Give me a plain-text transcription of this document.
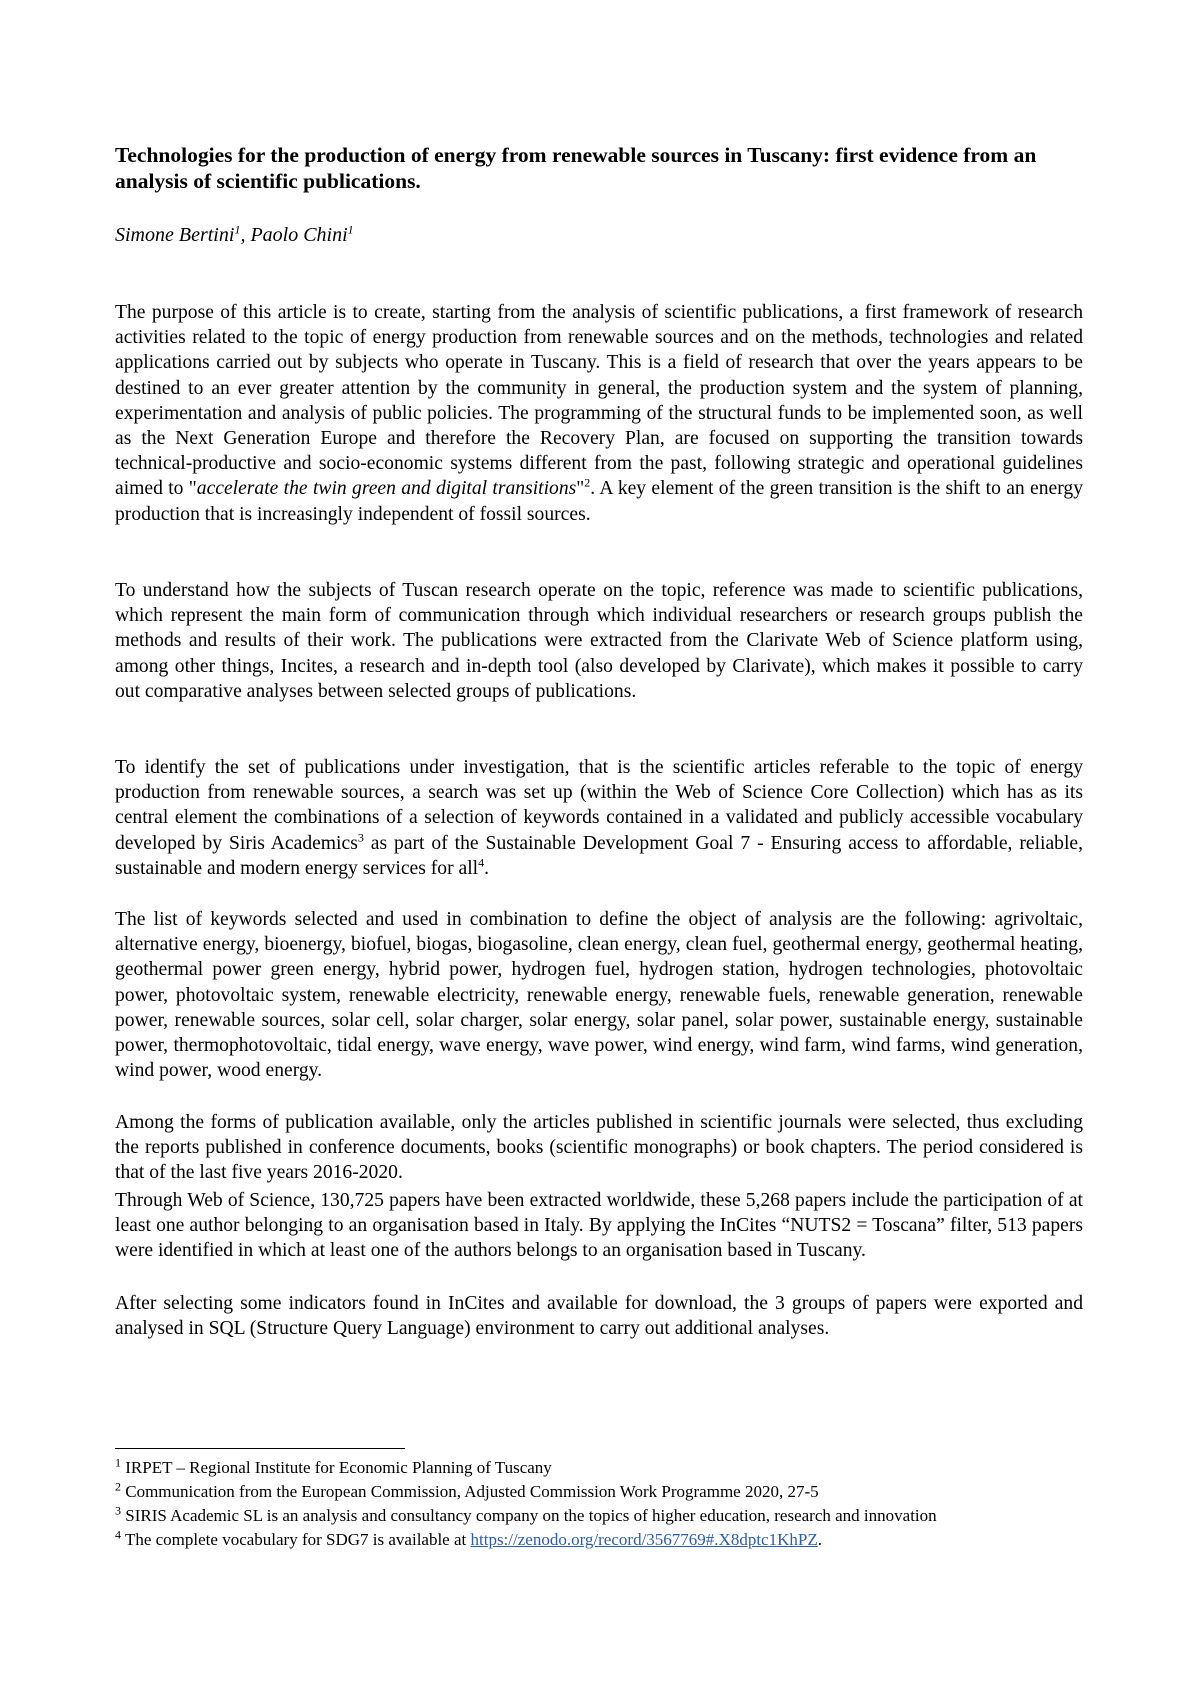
Technologies for the production of energy from renewable sources in Tuscany: first evidence from an analysis of scientific publications.

Simone Bertini$^1$, Paolo Chini$^1$

The purpose of this article is to create, starting from the analysis of scientific publications, a first framework of research activities related to the topic of energy production from renewable sources and on the methods, technologies and related applications carried out by subjects who operate in Tuscany. This is a field of research that over the years appears to be destined to an ever greater attention by the community in general, the production system and the system of planning, experimentation and analysis of public policies. The programming of the structural funds to be implemented soon, as well as the Next Generation Europe and therefore the Recovery Plan, are focused on supporting the transition towards technical-productive and socio-economic systems different from the past, following strategic and operational guidelines aimed to "accelerate the twin green and digital transitions"$^2$. A key element of the green transition is the shift to an energy production that is increasingly independent of fossil sources.

To understand how the subjects of Tuscan research operate on the topic, reference was made to scientific publications, which represent the main form of communication through which individual researchers or research groups publish the methods and results of their work. The publications were extracted from the Clarivate Web of Science platform using, among other things, Incites, a research and in-depth tool (also developed by Clarivate), which makes it possible to carry out comparative analyses between selected groups of publications.

To identify the set of publications under investigation, that is the scientific articles referable to the topic of energy production from renewable sources, a search was set up (within the Web of Science Core Collection) which has as its central element the combinations of a selection of keywords contained in a validated and publicly accessible vocabulary developed by Siris Academics$^3$ as part of the Sustainable Development Goal 7 - Ensuring access to affordable, reliable, sustainable and modern energy services for all$^4$.

The list of keywords selected and used in combination to define the object of analysis are the following: agrivoltaic, alternative energy, bioenergy, biofuel, biogas, biogasoline, clean energy, clean fuel, geothermal energy, geothermal heating, geothermal power green energy, hybrid power, hydrogen fuel, hydrogen station, hydrogen technologies, photovoltaic power, photovoltaic system, renewable electricity, renewable energy, renewable fuels, renewable generation, renewable power, renewable sources, solar cell, solar charger, solar energy, solar panel, solar power, sustainable energy, sustainable power, thermophotovoltaic, tidal energy, wave energy, wave power, wind energy, wind farm, wind farms, wind generation, wind power, wood energy.

Among the forms of publication available, only the articles published in scientific journals were selected, thus excluding the reports published in conference documents, books (scientific monographs) or book chapters. The period considered is that of the last five years 2016-2020.

Through Web of Science, 130,725 papers have been extracted worldwide, these 5,268 papers include the participation of at least one author belonging to an organisation based in Italy. By applying the InCites “NUTS2 = Toscana” filter, 513 papers were identified in which at least one of the authors belongs to an organisation based in Tuscany.

After selecting some indicators found in InCites and available for download, the 3 groups of papers were exported and analysed in SQL (Structure Query Language) environment to carry out additional analyses.

$^1$ IRPET – Regional Institute for Economic Planning of Tuscany
$^2$ Communication from the European Commission, Adjusted Commission Work Programme 2020, 27-5
$^3$ SIRIS Academic SL is an analysis and consultancy company on the topics of higher education, research and innovation
$^4$ The complete vocabulary for SDG7 is available at https://zenodo.org/record/3567769#.X8dptc1KhPZ.
